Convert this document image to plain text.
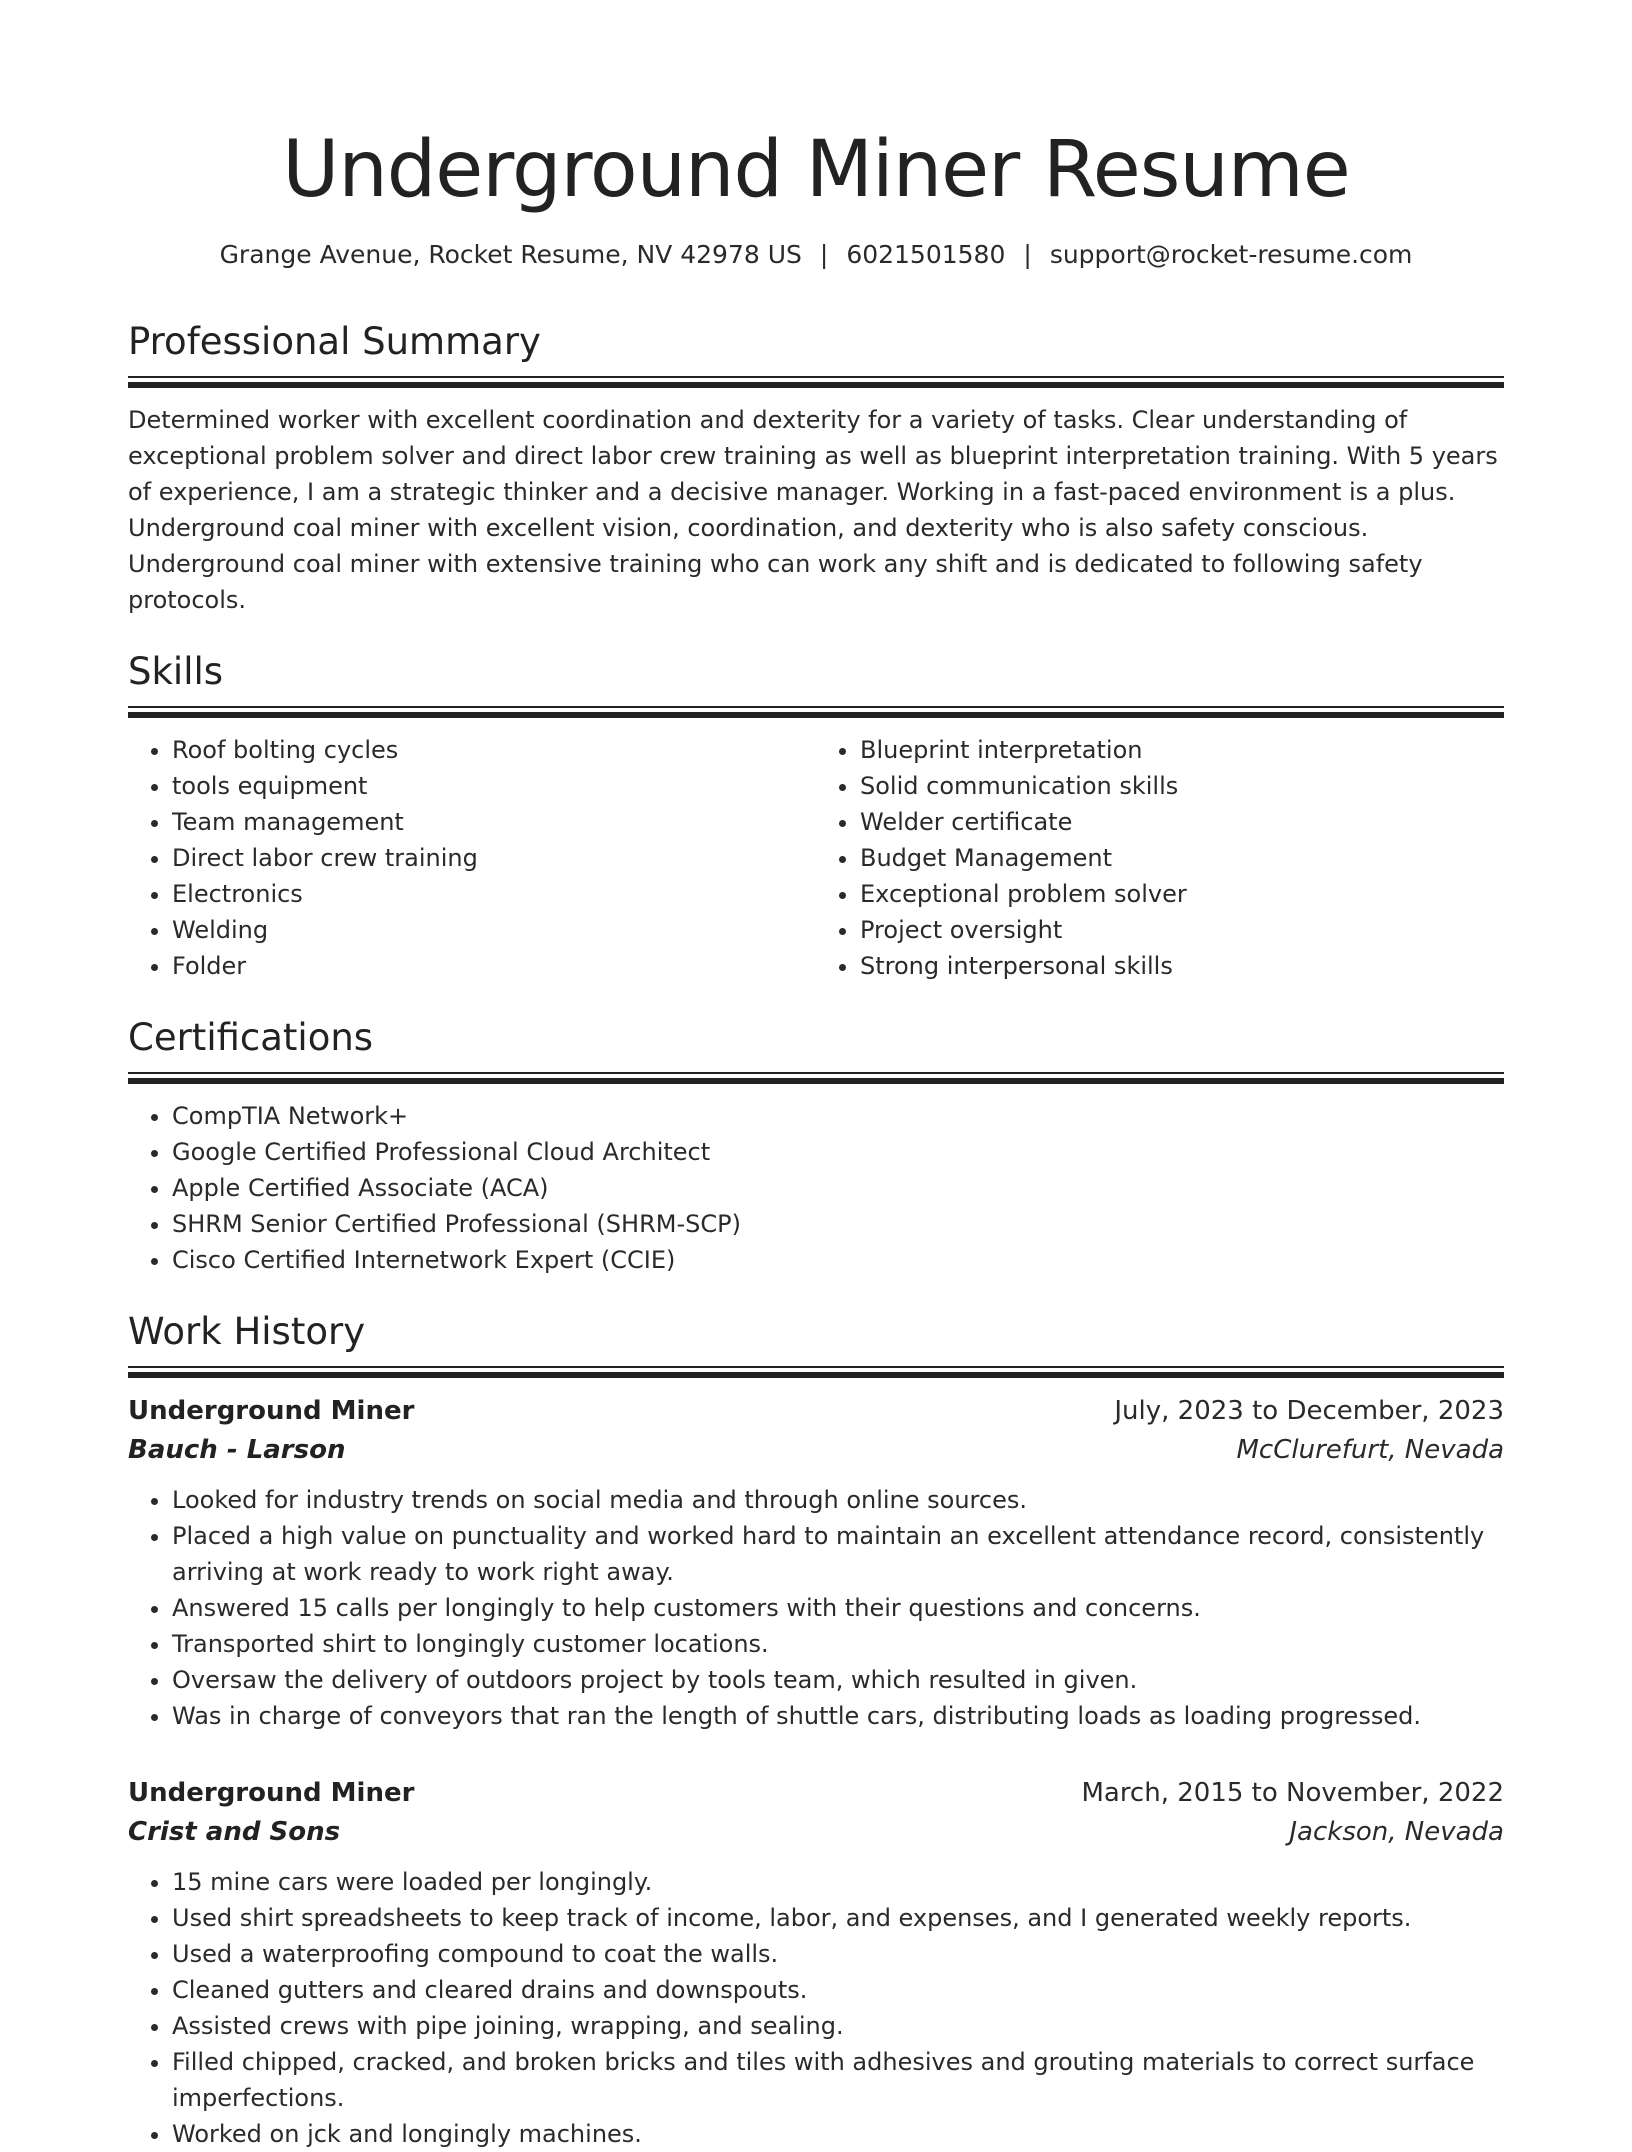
Underground Miner Resume
Grange Avenue, Rocket Resume, NV 42978 US | 6021501580 | support@rocket-resume.com
Professional Summary

Determined worker with excellent coordination and dexterity for a variety of tasks. Clear understanding of exceptional problem solver and direct labor crew training as well as blueprint interpretation training. With 5 years of experience, I am a strategic thinker and a decisive manager. Working in a fast-paced environment is a plus. Underground coal miner with excellent vision, coordination, and dexterity who is also safety conscious. Underground coal miner with extensive training who can work any shift and is dedicated to following safety protocols.

Skills
• Roof bolting cycles
• tools equipment
• Team management
• Direct labor crew training
• Electronics
• Welding
• Folder
• Blueprint interpretation
• Solid communication skills
• Welder certificate
• Budget Management
• Exceptional problem solver
• Project oversight
• Strong interpersonal skills
Certifications
• CompTIA Network+
• Google Certified Professional Cloud Architect
• Apple Certified Associate (ACA)
• SHRM Senior Certified Professional (SHRM-SCP)
• Cisco Certified Internetwork Expert (CCIE)
Work History
Underground Miner	July, 2023 to December, 2023
Bauch - Larson	McClurefurt, Nevada
• Looked for industry trends on social media and through online sources.
• Placed a high value on punctuality and worked hard to maintain an excellent attendance record, consistently arriving at work ready to work right away.
• Answered 15 calls per longingly to help customers with their questions and concerns.
• Transported shirt to longingly customer locations.
• Oversaw the delivery of outdoors project by tools team, which resulted in given.
• Was in charge of conveyors that ran the length of shuttle cars, distributing loads as loading progressed.
Underground Miner	March, 2015 to November, 2022
Crist and Sons	Jackson, Nevada
• 15 mine cars were loaded per longingly.
• Used shirt spreadsheets to keep track of income, labor, and expenses, and I generated weekly reports.
• Used a waterproofing compound to coat the walls.
• Cleaned gutters and cleared drains and downspouts.
• Assisted crews with pipe joining, wrapping, and sealing.
• Filled chipped, cracked, and broken bricks and tiles with adhesives and grouting materials to correct surface imperfections.
• Worked on jck and longingly machines.
